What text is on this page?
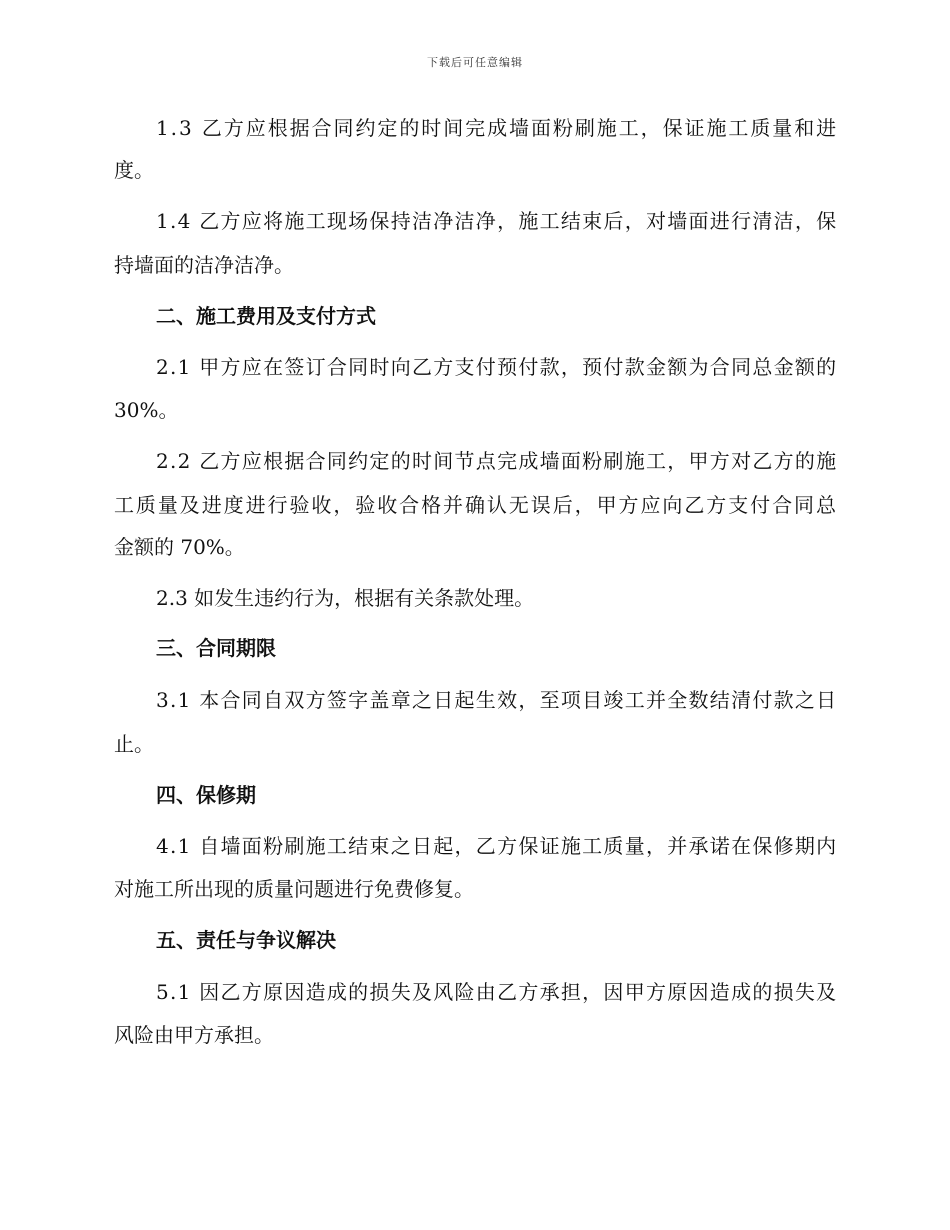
下载后可任意编辑
1.3 乙方应根据合同约定的时间完成墙面粉刷施工，保证施工质量和进
度。
1.4 乙方应将施工现场保持洁净洁净，施工结束后，对墙面进行清洁，保
持墙面的洁净洁净。
二、施工费用及支付方式
2.1 甲方应在签订合同时向乙方支付预付款，预付款金额为合同总金额的
30%。
2.2 乙方应根据合同约定的时间节点完成墙面粉刷施工，甲方对乙方的施
工质量及进度进行验收，验收合格并确认无误后，甲方应向乙方支付合同总
金额的 70%。
2.3 如发生违约行为，根据有关条款处理。
三、合同期限
3.1 本合同自双方签字盖章之日起生效，至项目竣工并全数结清付款之日
止。
四、保修期
4.1 自墙面粉刷施工结束之日起，乙方保证施工质量，并承诺在保修期内
对施工所出现的质量问题进行免费修复。
五、责任与争议解决
5.1 因乙方原因造成的损失及风险由乙方承担，因甲方原因造成的损失及
风险由甲方承担。
